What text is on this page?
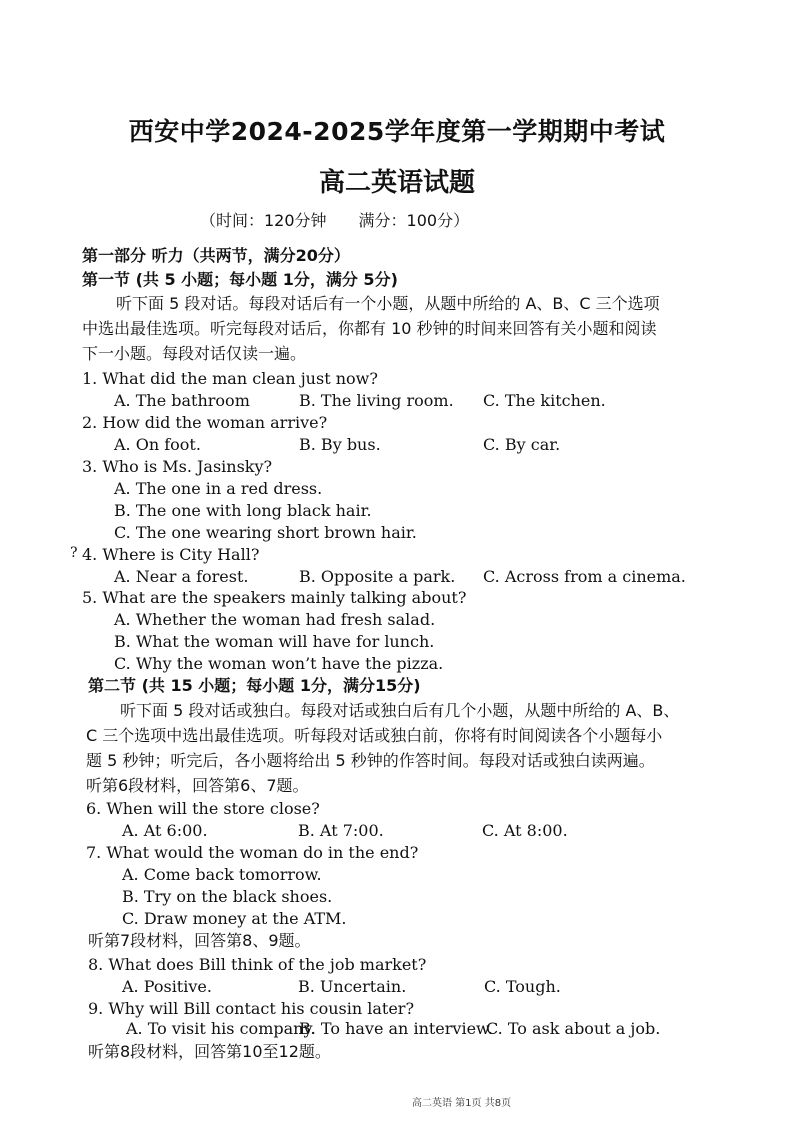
西安中学2024-2025学年度第一学期期中考试
高二英语试题
（时间：120分钟　　满分：100分）
第一部分 听力（共两节，满分20分）
第一节 (共 5 小题；每小题 1分，满分 5分)
听下面 5 段对话。每段对话后有一个小题，从题中所给的 A、B、C 三个选项
中选出最佳选项。听完每段对话后，你都有 10 秒钟的时间来回答有关小题和阅读
下一小题。每段对话仅读一遍。
1. What did the man clean just now?
A. The bathroom	B. The living room. C. The kitchen.
2. How did the woman arrive?
A. On foot.	B. By bus.	C. By car.
3. Who is Ms. Jasinsky?
A. The one in a red dress.
B. The one with long black hair.
C. The one wearing short brown hair.
? 4. Where is City Hall?
A. Near a forest.	B. Opposite a park. C. Across from a cinema.
5. What are the speakers mainly talking about?
A. Whether the woman had fresh salad.
B. What the woman will have for lunch.
C. Why the woman won’t have the pizza.
第二节 (共 15 小题；每小题 1分，满分15分)
听下面 5 段对话或独白。每段对话或独白后有几个小题，从题中所给的 A、B、
C 三个选项中选出最佳选项。听每段对话或独白前，你将有时间阅读各个小题每小
题 5 秒钟；听完后，各小题将给出 5 秒钟的作答时间。每段对话或独白读两遍。
听第6段材料，回答第6、7题。
6. When will the store close?
A. At 6:00.	B. At 7:00.	C. At 8:00.
7. What would the woman do in the end?
A. Come back tomorrow.
B. Try on the black shoes.
C. Draw money at the ATM.
听第7段材料，回答第8、9题。
8. What does Bill think of the job market?
A. Positive.	B. Uncertain.	C. Tough.
9. Why will Bill contact his cousin later?
A. To visit his company.
B. To have an interview.
C. To ask about a job.
听第8段材料，回答第10至12题。
高二英语 第1页 共8页
